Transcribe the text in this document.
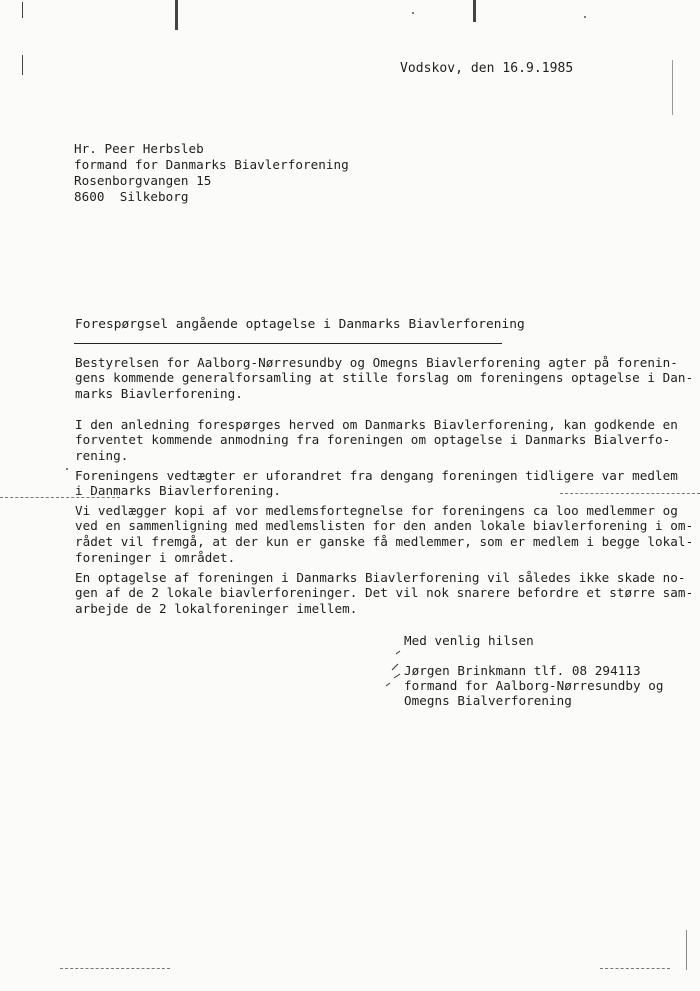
Vodskov, den 16.9.1985
Hr. Peer Herbsleb
formand for Danmarks Biavlerforening
Rosenborgvangen 15
8600  Silkeborg
Forespørgsel angående optagelse i Danmarks Biavlerforening
Bestyrelsen for Aalborg-Nørresundby og Omegns Biavlerforening agter på forenin-
gens kommende generalforsamling at stille forslag om foreningens optagelse i Dan-
marks Biavlerforening.
I den anledning forespørges herved om Danmarks Biavlerforening, kan godkende en
forventet kommende anmodning fra foreningen om optagelse i Danmarks Bialverfo-
rening.
Foreningens vedtægter er uforandret fra dengang foreningen tidligere var medlem
i Danmarks Biavlerforening.
Vi vedlægger kopi af vor medlemsfortegnelse for foreningens ca loo medlemmer og
ved en sammenligning med medlemslisten for den anden lokale biavlerforening i om-
rådet vil fremgå, at der kun er ganske få medlemmer, som er medlem i begge lokal-
foreninger i området.
En optagelse af foreningen i Danmarks Biavlerforening vil således ikke skade no-
gen af de 2 lokale biavlerforeninger. Det vil nok snarere befordre et større sam-
arbejde de 2 lokalforeninger imellem.
Med venlig hilsen
Jørgen Brinkmann tlf. 08 294113
formand for Aalborg-Nørresundby og
Omegns Bialverforening
